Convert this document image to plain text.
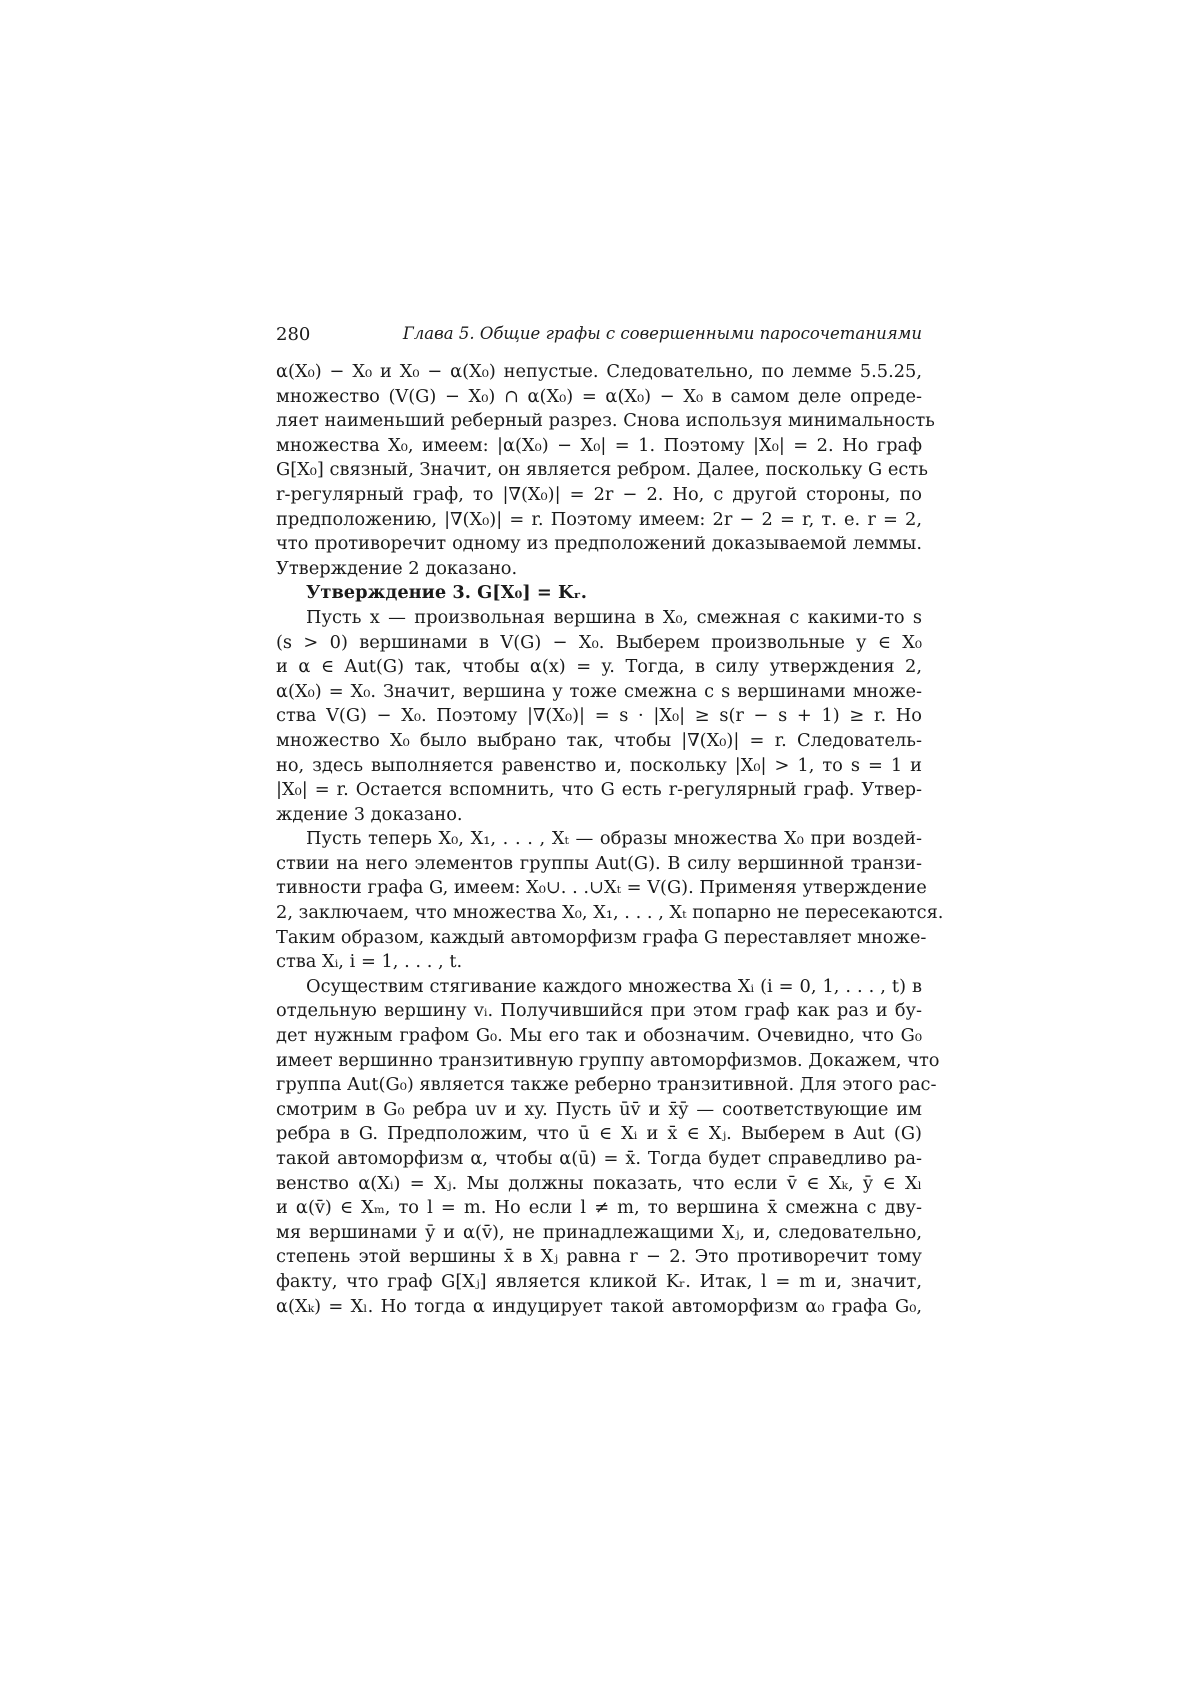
280	Глава 5. Общие графы с совершенными паросочетаниями
α(X₀) − X₀ и X₀ − α(X₀) непустые. Следовательно, по лемме 5.5.25,
множество (V(G) − X₀) ∩ α(X₀) = α(X₀) − X₀ в самом деле опреде-
ляет наименьший реберный разрез. Снова используя минимальность
множества X₀, имеем: |α(X₀) − X₀| = 1. Поэтому |X₀| = 2. Но граф
G[X₀] связный, Значит, он является ребром. Далее, поскольку G есть
r-регулярный граф, то |∇(X₀)| = 2r − 2. Но, с другой стороны, по
предположению, |∇(X₀)| = r. Поэтому имеем: 2r − 2 = r, т. е. r = 2,
что противоречит одному из предположений доказываемой леммы.
Утверждение 2 доказано.
Утверждение 3. G[X₀] = Kᵣ.
Пусть x — произвольная вершина в X₀, смежная с какими-то s
(s > 0) вершинами в V(G) − X₀. Выберем произвольные y ∈ X₀
и α ∈ Aut(G) так, чтобы α(x) = y. Тогда, в силу утверждения 2,
α(X₀) = X₀. Значит, вершина y тоже смежна с s вершинами множе-
ства V(G) − X₀. Поэтому |∇(X₀)| = s · |X₀| ≥ s(r − s + 1) ≥ r. Но
множество X₀ было выбрано так, чтобы |∇(X₀)| = r. Следователь-
но, здесь выполняется равенство и, поскольку |X₀| > 1, то s = 1 и
|X₀| = r. Остается вспомнить, что G есть r-регулярный граф. Утвер-
ждение 3 доказано.
Пусть теперь X₀, X₁, . . . , Xₜ — образы множества X₀ при воздей-
ствии на него элементов группы Aut(G). В силу вершинной транзи-
тивности графа G, имеем: X₀∪. . .∪Xₜ = V(G). Применяя утверждение
2, заключаем, что множества X₀, X₁, . . . , Xₜ попарно не пересекаются.
Таким образом, каждый автоморфизм графа G переставляет множе-
ства Xᵢ, i = 1, . . . , t.
Осуществим стягивание каждого множества Xᵢ (i = 0, 1, . . . , t) в
отдельную вершину vᵢ. Получившийся при этом граф как раз и бу-
дет нужным графом G₀. Мы его так и обозначим. Очевидно, что G₀
имеет вершинно транзитивную группу автоморфизмов. Докажем, что
группа Aut(G₀) является также реберно транзитивной. Для этого рас-
смотрим в G₀ ребра uv и xy. Пусть ūv̄ и x̄ȳ — соответствующие им
ребра в G. Предположим, что ū ∈ Xᵢ и x̄ ∈ Xⱼ. Выберем в Aut (G)
такой автоморфизм α, чтобы α(ū) = x̄. Тогда будет справедливо ра-
венство α(Xᵢ) = Xⱼ. Мы должны показать, что если v̄ ∈ Xₖ, ȳ ∈ Xₗ
и α(v̄) ∈ Xₘ, то l = m. Но если l ≠ m, то вершина x̄ смежна с дву-
мя вершинами ȳ и α(v̄), не принадлежащими Xⱼ, и, следовательно,
степень этой вершины x̄ в Xⱼ равна r − 2. Это противоречит тому
факту, что граф G[Xⱼ] является кликой Kᵣ. Итак, l = m и, значит,
α(Xₖ) = Xₗ. Но тогда α индуцирует такой автоморфизм α₀ графа G₀,
